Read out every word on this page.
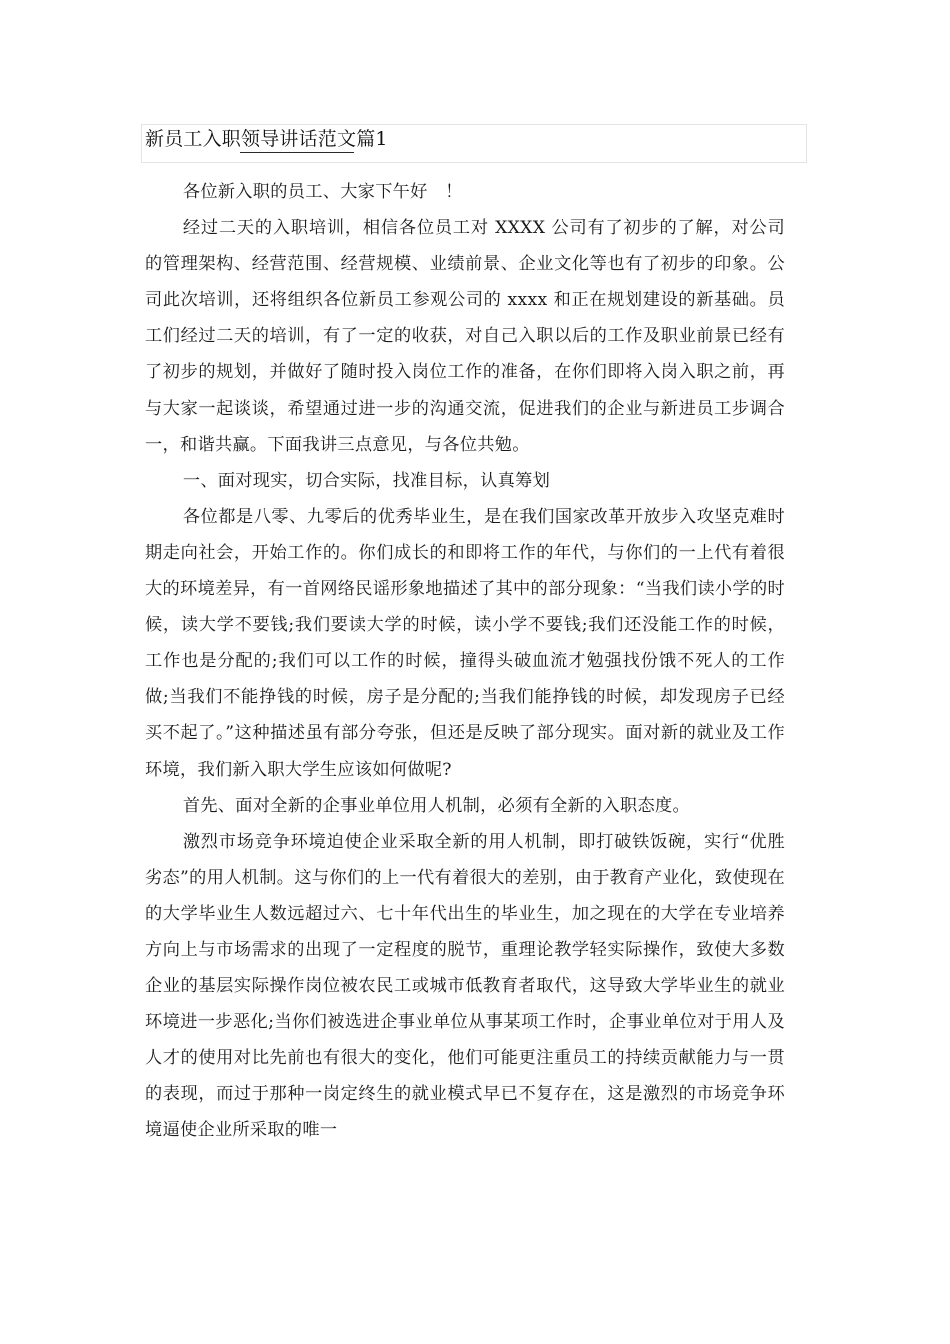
新员工入职领导讲话范文篇1

各位新入职的员工、大家下午好　！

经过二天的入职培训，相信各位员工对 XXXX 公司有了初步的了解，对公司的管理架构、经营范围、经营规模、业绩前景、企业文化等也有了初步的印象。公司此次培训，还将组织各位新员工参观公司的 xxxx 和正在规划建设的新基础。员工们经过二天的培训，有了一定的收获，对自己入职以后的工作及职业前景已经有了初步的规划，并做好了随时投入岗位工作的准备，在你们即将入岗入职之前，再与大家一起谈谈，希望通过进一步的沟通交流，促进我们的企业与新进员工步调合一，和谐共赢。下面我讲三点意见，与各位共勉。

一、面对现实，切合实际，找准目标，认真筹划

各位都是八零、九零后的优秀毕业生，是在我们国家改革开放步入攻坚克难时期走向社会，开始工作的。你们成长的和即将工作的年代，与你们的一上代有着很大的环境差异，有一首网络民谣形象地描述了其中的部分现象：“当我们读小学的时候，读大学不要钱;我们要读大学的时候，读小学不要钱;我们还没能工作的时候，工作也是分配的;我们可以工作的时候，撞得头破血流才勉强找份饿不死人的工作做;当我们不能挣钱的时候，房子是分配的;当我们能挣钱的时候，却发现房子已经买不起了。”这种描述虽有部分夸张，但还是反映了部分现实。面对新的就业及工作环境，我们新入职大学生应该如何做呢?

首先、面对全新的企事业单位用人机制，必须有全新的入职态度。

激烈市场竞争环境迫使企业采取全新的用人机制，即打破铁饭碗，实行“优胜劣态”的用人机制。这与你们的上一代有着很大的差别，由于教育产业化，致使现在的大学毕业生人数远超过六、七十年代出生的毕业生，加之现在的大学在专业培养方向上与市场需求的出现了一定程度的脱节，重理论教学轻实际操作，致使大多数企业的基层实际操作岗位被农民工或城市低教育者取代，这导致大学毕业生的就业环境进一步恶化;当你们被选进企事业单位从事某项工作时，企事业单位对于用人及人才的使用对比先前也有很大的变化，他们可能更注重员工的持续贡献能力与一贯的表现，而过于那种一岗定终生的就业模式早已不复存在，这是激烈的市场竞争环境逼使企业所采取的唯一
